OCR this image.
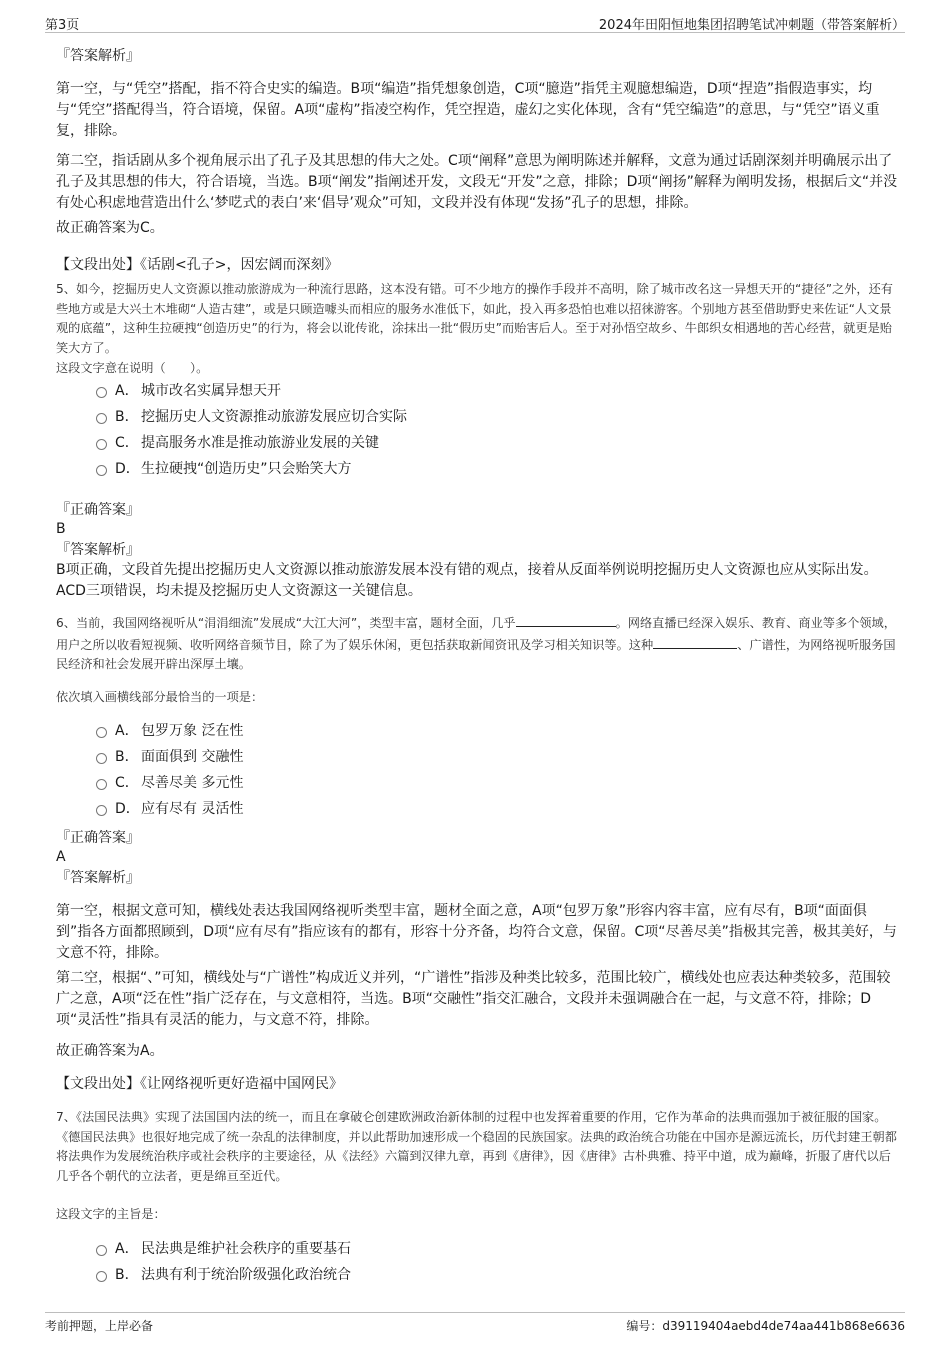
第3页	2024年田阳恒地集团招聘笔试冲刺题（带答案解析）

『答案解析』

第一空，与“凭空”搭配，指不符合史实的编造。B项“编造”指凭想象创造，C项“臆造”指凭主观臆想编造，D项“捏造”指假造事实，均与“凭空”搭配得当，符合语境，保留。A项“虚构”指凌空构作，凭空捏造，虚幻之实化体现，含有“凭空编造”的意思，与“凭空”语义重复，排除。

第二空，指话剧从多个视角展示出了孔子及其思想的伟大之处。C项“阐释”意思为阐明陈述并解释，文意为通过话剧深刻并明确展示出了孔子及其思想的伟大，符合语境，当选。B项“阐发”指阐述开发，文段无“开发”之意，排除；D项“阐扬”解释为阐明发扬，根据后文“并没有处心积虑地营造出什么‘梦呓式的表白’来‘倡导’观众”可知，文段并没有体现“发扬”孔子的思想，排除。

故正确答案为C。

【文段出处】《话剧<孔子>，因宏阔而深刻》

5、如今，挖掘历史人文资源以推动旅游成为一种流行思路，这本没有错。可不少地方的操作手段并不高明，除了城市改名这一异想天开的“捷径”之外，还有些地方或是大兴土木堆砌“人造古建”，或是只顾造噱头而相应的服务水准低下，如此，投入再多恐怕也难以招徕游客。个别地方甚至借助野史来佐证“人文景观的底蕴”，这种生拉硬拽“创造历史”的行为，将会以讹传讹，涂抹出一批“假历史”而贻害后人。至于对孙悟空故乡、牛郎织女相遇地的苦心经营，就更是贻笑大方了。

这段文字意在说明（　　）。

A． 城市改名实属异想天开

B． 挖掘历史人文资源推动旅游发展应切合实际

C． 提高服务水准是推动旅游业发展的关键

D．生拉硬拽“创造历史”只会贻笑大方

『正确答案』

B

『答案解析』

B项正确，文段首先提出挖掘历史人文资源以推动旅游发展本没有错的观点，接着从反面举例说明挖掘历史人文资源也应从实际出发。ACD三项错误，均未提及挖掘历史人文资源这一关键信息。

6、当前，我国网络视听从“涓涓细流”发展成“大江大河”，类型丰富，题材全面，几乎	。网络直播已经深入娱乐、教育、商业等多个领域，用户之所以收看短视频、收听网络音频节目，除了为了娱乐休闲，更包括获取新闻资讯及学习相关知识等。这种	、广谱性，为网络视听服务国民经济和社会发展开辟出深厚土壤。

依次填入画横线部分最恰当的一项是：

A． 包罗万象 泛在性

B． 面面俱到 交融性

C． 尽善尽美 多元性

D．应有尽有 灵活性

『正确答案』

A

『答案解析』

第一空，根据文意可知，横线处表达我国网络视听类型丰富，题材全面之意，A项“包罗万象”形容内容丰富，应有尽有，B项“面面俱到”指各方面都照顾到，D项“应有尽有”指应该有的都有，形容十分齐备，均符合文意，保留。C项“尽善尽美”指极其完善，极其美好，与文意不符，排除。

第二空，根据“、”可知，横线处与“广谱性”构成近义并列，“广谱性”指涉及种类比较多，范围比较广，横线处也应表达种类较多，范围较广之意，A项“泛在性”指广泛存在，与文意相符，当选。B项“交融性”指交汇融合，文段并未强调融合在一起，与文意不符，排除；D项“灵活性”指具有灵活的能力，与文意不符，排除。

故正确答案为A。

【文段出处】《让网络视听更好造福中国网民》

7、《法国民法典》实现了法国国内法的统一，而且在拿破仑创建欧洲政治新体制的过程中也发挥着重要的作用，它作为革命的法典而强加于被征服的国家。《德国民法典》也很好地完成了统一杂乱的法律制度，并以此帮助加速形成一个稳固的民族国家。法典的政治统合功能在中国亦是源远流长，历代封建王朝都将法典作为发展统治秩序或社会秩序的主要途径，从《法经》六篇到汉律九章，再到《唐律》，因《唐律》古朴典雅、持平中道，成为巅峰，折服了唐代以后几乎各个朝代的立法者，更是绵亘至近代。

这段文字的主旨是：

A． 民法典是维护社会秩序的重要基石

B． 法典有利于统治阶级强化政治统合

考前押题，上岸必备	编号：d39119404aebd4de74aa441b868e6636
